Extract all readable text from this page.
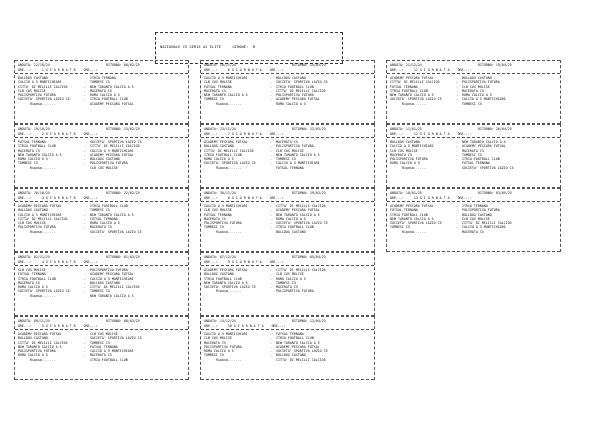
NAZIONALE C5 SERIE A2 ELITE	GIRONE: B
ANDATA: 12/10/24	RITORNO: 08/02/25
ORE...:	1 G I O R N A T A ORE...:
BULLDOG CASTANO	- ITRIA TERNANA
CALCIO A 5 MONTICHIARI	- TOMBESI C5
CITTA' DI MELILLI CALCIO5	- NEW TARANTO CALCIO A 5
CLB CUS MOLISE	- MACERATA C5
POLISPORTIVA FUTURA	- ROMA CALCIO A 5
SOCIETA' SPORTIVA LAZIO C5	- ITRIA FOOTBALL CLUB
Riposa.......	ACADEMY PESCARA FUTSAL
ANDATA: 19/10/24	RITORNO: 15/02/25
ORE...:	2 G I O R N A T A ORE...:
FUTSAL TERNANA	- SOCIETA' SPORTIVA LAZIO C5
ITRIA FOOTBALL CLUB	- CITTA' DI MELILLI CALCIO5
MACERATA C5	- CALCIO A 5 MONTICHIARI
NEW TARANTO CALCIO A 5	- ACADEMY PESCARA FUTSAL
ROMA CALCIO A 5	- BULLDOG CASTANO
TOMBESI C5	- POLISPORTIVA FUTURA
Riposa.......	CLB CUS MOLISE
ANDATA: 26/10/24	RITORNO: 22/02/25
ORE...:	3 G I O R N A T A ORE...:
ACADEMY PESCARA FUTSAL	- ITRIA FOOTBALL CLUB
BULLDOG CASTANO	- TOMBESI C5
CALCIO A 5 MONTICHIARI	- NEW TARANTO CALCIO A 5
CITTA' DI MELILLI CALCIO5	- FUTSAL TERNANA
CLB CUS MOLISE	- ROMA CALCIO A 5
POLISPORTIVA FUTURA	- MACERATA C5
Riposa.......	SOCIETA' SPORTIVA LAZIO C5
ANDATA: 02/11/24	RITORNO: 01/03/25
ORE...:	4 G I O R N A T A ORE...:
CLB CUS MOLISE	- POLISPORTIVA FUTURA
FUTSAL TERNANA	- ACADEMY PESCARA FUTSAL
ITRIA FOOTBALL CLUB	- CALCIO A 5 MONTICHIARI
MACERATA C5	- BULLDOG CASTANO
ROMA CALCIO A 5	- CITTA' DI MELILLI CALCIO5
SOCIETA' SPORTIVA LAZIO C5	- TOMBESI C5
Riposa.......	NEW TARANTO CALCIO A 5
ANDATA: 09/11/24	RITORNO: 08/03/25
ORE...:	5 G I O R N A T A ORE...:
ACADEMY PESCARA FUTSAL	- CLB CUS MOLISE
BULLDOG CASTANO	- SOCIETA' SPORTIVA LAZIO C5
CITTA' DI MELILLI CALCIO5	- TOMBESI C5
NEW TARANTO CALCIO A 5	- FUTSAL TERNANA
POLISPORTIVA FUTURA	- CALCIO A 5 MONTICHIARI
ROMA CALCIO A 5	- MACERATA C5
Riposa.......	ITRIA FOOTBALL CLUB
ANDATA: 16/11/24	RITORNO: 15/03/25
ORE...:	6 G I O R N A T A ORE...:
CALCIO A 5 MONTICHIARI	- BULLDOG CASTANO
CLB CUS MOLISE	- SOCIETA' SPORTIVA LAZIO C5
FUTSAL TERNANA	- ITRIA FOOTBALL CLUB
MACERATA C5	- CITTA' DI MELILLI CALCIO5
NEW TARANTO CALCIO A 5	- POLISPORTIVA FUTURA
TOMBESI C5	- ACADEMY PESCARA FUTSAL
Riposa.......	ROMA CALCIO A 5
ANDATA: 23/11/24	RITORNO: 22/03/25
ORE...:	7 G I O R N A T A ORE...:
ACADEMY PESCARA FUTSAL	- MACERATA C5
BULLDOG CASTANO	- POLISPORTIVA FUTURA
CITTA' DI MELILLI CALCIO5	- CLB CUS MOLISE
ITRIA FOOTBALL CLUB	- NEW TARANTO CALCIO A 5
ROMA CALCIO A 5	- TOMBESI C5
SOCIETA' SPORTIVA LAZIO C5	- CALCIO A 5 MONTICHIARI
Riposa.......	FUTSAL TERNANA
ANDATA: 30/11/24	RITORNO: 29/03/25
ORE...:	8 G I O R N A T A ORE...:
CALCIO A 5 MONTICHIARI	- CITTA' DI MELILLI CALCIO5
CLB CUS MOLISE	- ACADEMY PESCARA FUTSAL
FUTSAL TERNANA	- NEW TARANTO CALCIO A 5
MACERATA C5	- ROMA CALCIO A 5
POLISPORTIVA FUTURA	- SOCIETA' SPORTIVA LAZIO C5
TOMBESI C5	- ITRIA FOOTBALL CLUB
Riposa.......	BULLDOG CASTANO
ANDATA: 07/12/24	RITORNO: 05/04/25
ORE...:	9 G I O R N A T A ORE...:
ACADEMY PESCARA FUTSAL	- CITTA' DI MELILLI CALCIO5
BULLDOG CASTANO	- CLB CUS MOLISE
ITRIA FOOTBALL CLUB	- ROMA CALCIO A 5
NEW TARANTO CALCIO A 5	- TOMBESI C5
SOCIETA' SPORTIVA LAZIO C5	- MACERATA C5
Riposa.......	POLISPORTIVA FUTURA
ANDATA: 14/12/24	RITORNO: 12/04/25
ORE...:	10 G I O R N A T A ORE...:
CALCIO A 5 MONTICHIARI	- FUTSAL TERNANA
CLB CUS MOLISE	- ITRIA FOOTBALL CLUB
MACERATA C5	- NEW TARANTO CALCIO A 5
POLISPORTIVA FUTURA	- ACADEMY PESCARA FUTSAL
ROMA CALCIO A 5	- SOCIETA' SPORTIVA LAZIO C5
TOMBESI C5	- BULLDOG CASTANO
Riposa.......	CITTA' DI MELILLI CALCIO5
ANDATA: 21/12/24	RITORNO: 19/04/25
ORE...:	11 G I O R N A T A ORE...:
ACADEMY PESCARA FUTSAL	- BULLDOG CASTANO
CITTA' DI MELILLI CALCIO5	- POLISPORTIVA FUTURA
FUTSAL TERNANA	- CLB CUS MOLISE
ITRIA FOOTBALL CLUB	- MACERATA C5
NEW TARANTO CALCIO A 5	- ROMA CALCIO A 5
SOCIETA' SPORTIVA LAZIO C5	- CALCIO A 5 MONTICHIARI
Riposa.......	TOMBESI C5
ANDATA: 11/01/25	RITORNO: 26/04/25
ORE...:	12 G I O R N A T A ORE...:
BULLDOG CASTANO	- NEW TARANTO CALCIO A 5
CALCIO A 5 MONTICHIARI	- ACADEMY PESCARA FUTSAL
CLB CUS MOLISE	- MACERATA C5
MACERATA C5	- TOMBESI C5
POLISPORTIVA FUTURA	- ITRIA FOOTBALL CLUB
ROMA CALCIO A 5	- FUTSAL TERNANA
Riposa.......	SOCIETA' SPORTIVA LAZIO C5
ANDATA: 18/01/25	RITORNO: 03/05/25
ORE...:	13 G I O R N A T A ORE...:
ACADEMY PESCARA FUTSAL	- ITRIA TERNANA
FUTSAL TERNANA	- POLISPORTIVA FUTURA
ITRIA FOOTBALL CLUB	- BULLDOG CASTANO
NEW TARANTO CALCIO A 5	- CLB CUS MOLISE
SOCIETA' SPORTIVA LAZIO C5	- CITTA' DI MELILLI CALCIO5
TOMBESI C5	- CALCIO A 5 MONTICHIARI
Riposa.......	MACERATA C5
